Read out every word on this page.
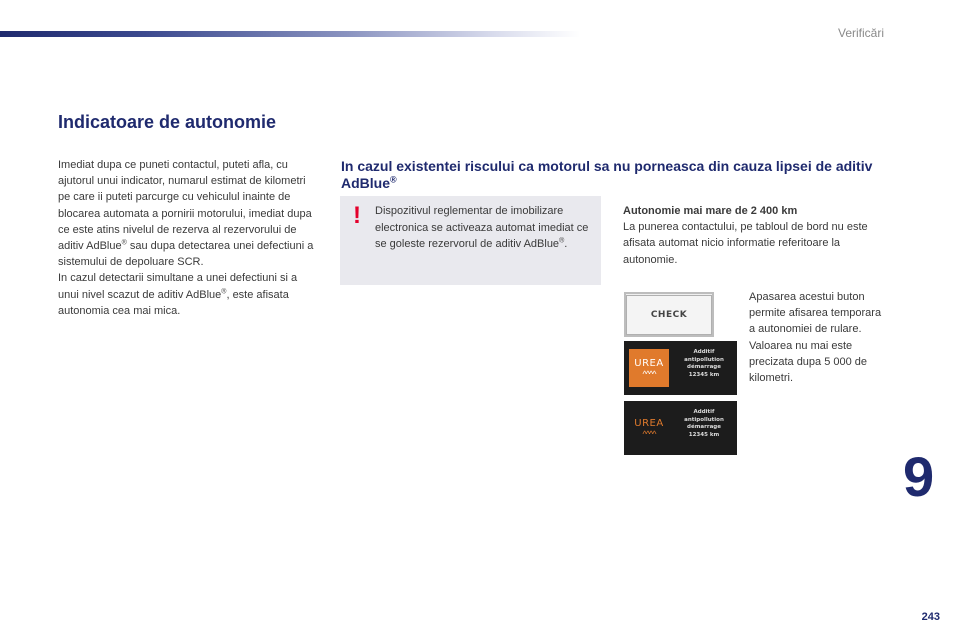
Verificări
Indicatoare de autonomie

Imediat dupa ce puneti contactul, puteti afla, cu ajutorul unui indicator, numarul estimat de kilometri pe care ii puteti parcurge cu vehiculul inainte de blocarea automata a pornirii motorului, imediat dupa ce este atins nivelul de rezerva al rezervorului de aditiv AdBlue® sau dupa detectarea unei defectiuni a sistemului de depoluare SCR.

In cazul detectarii simultane a unei defectiuni si a unui nivel scazut de aditiv AdBlue®, este afisata autonomia cea mai mica.

In cazul existentei riscului ca motorul sa nu porneasca din cauza lipsei de aditiv AdBlue®
! Dispozitivul reglementar de imobilizare electronica se activeaza automat imediat ce se goleste rezervorul de aditiv AdBlue®.
Autonomie mai mare de 2 400 km
La punerea contactului, pe tabloul de bord nu este afisata automat nicio informatie referitoare la autonomie.
CHECK
UREA
^^^^
Additif
antipollution
démarrage
12345 km
UREA
^^^^
Additif
antipollution
démarrage
12345 km

Apasarea acestui buton permite afisarea temporara a autonomiei de rulare.

Valoarea nu mai este precizata dupa 5 000 de kilometri.

9
243
